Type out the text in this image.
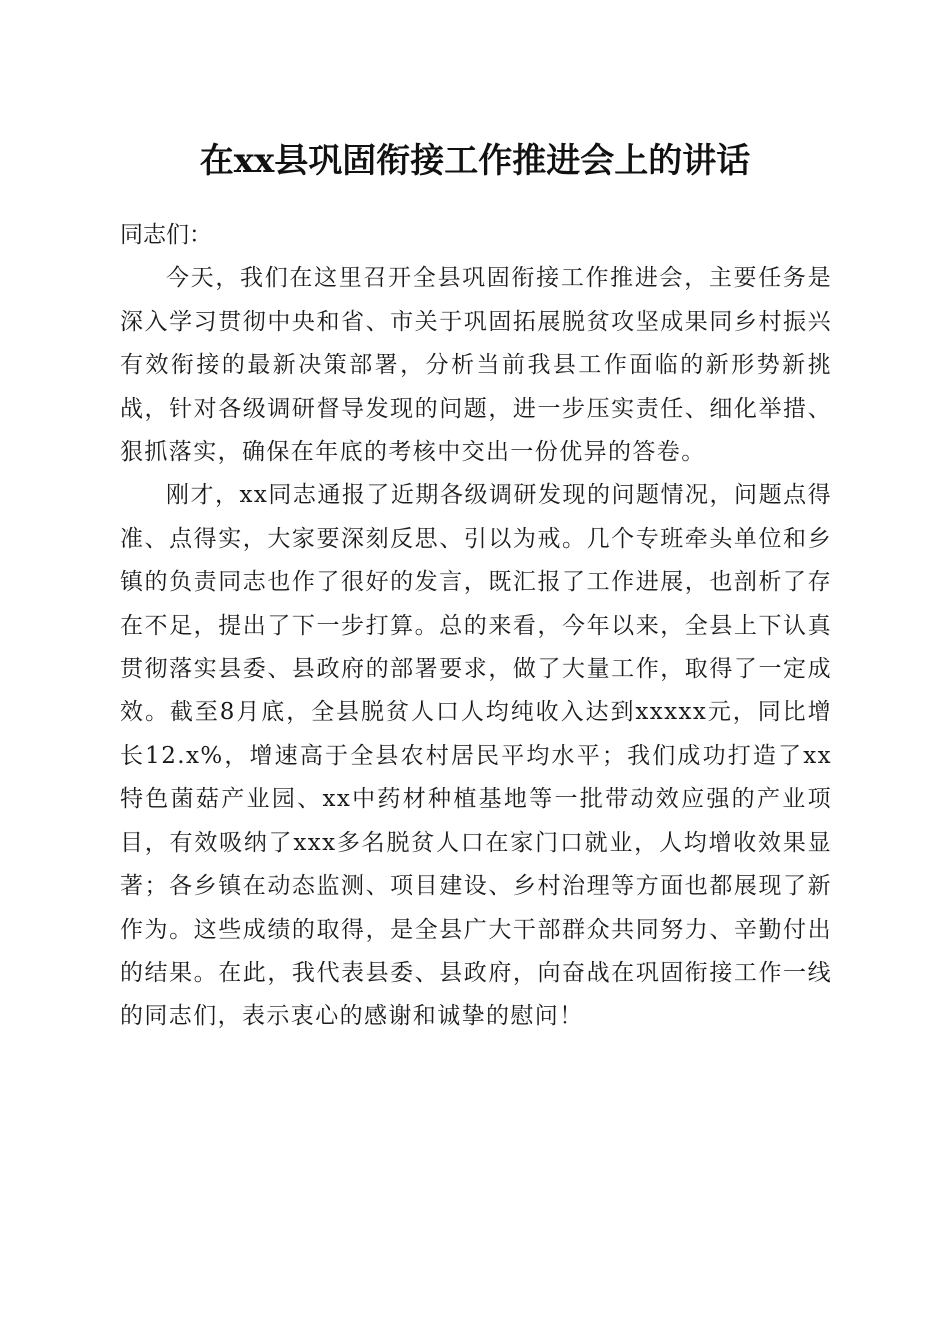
在xx县巩固衔接工作推进会上的讲话

同志们：

今天，我们在这里召开全县巩固衔接工作推进会，主要任务是深入学习贯彻中央和省、市关于巩固拓展脱贫攻坚成果同乡村振兴有效衔接的最新决策部署，分析当前我县工作面临的新形势新挑战，针对各级调研督导发现的问题，进一步压实责任、细化举措、狠抓落实，确保在年底的考核中交出一份优异的答卷。

刚才，xx同志通报了近期各级调研发现的问题情况，问题点得准、点得实，大家要深刻反思、引以为戒。几个专班牵头单位和乡镇的负责同志也作了很好的发言，既汇报了工作进展，也剖析了存在不足，提出了下一步打算。总的来看，今年以来，全县上下认真贯彻落实县委、县政府的部署要求，做了大量工作，取得了一定成效。截至8月底，全县脱贫人口人均纯收入达到xxxxx元，同比增长12.x%，增速高于全县农村居民平均水平；我们成功打造了xx特色菌菇产业园、xx中药材种植基地等一批带动效应强的产业项目，有效吸纳了xxx多名脱贫人口在家门口就业，人均增收效果显著；各乡镇在动态监测、项目建设、乡村治理等方面也都展现了新作为。这些成绩的取得，是全县广大干部群众共同努力、辛勤付出的结果。在此，我代表县委、县政府，向奋战在巩固衔接工作一线的同志们，表示衷心的感谢和诚挚的慰问！
